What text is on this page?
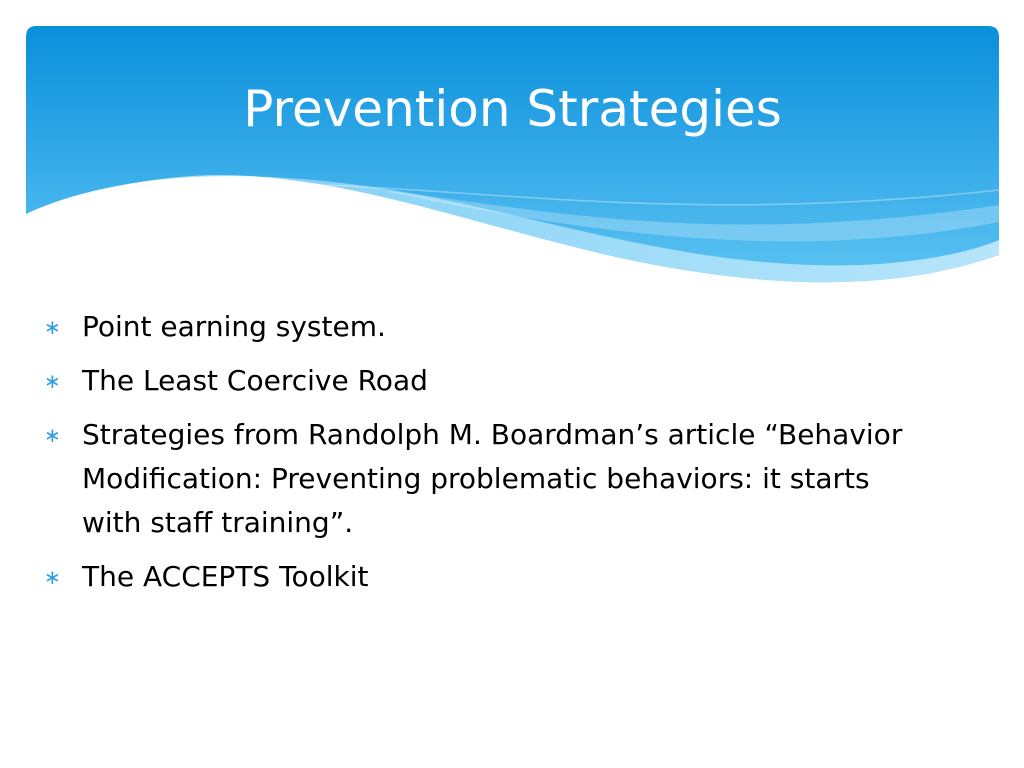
Prevention Strategies
∗ Point earning system.
∗ The Least Coercive Road
∗ Strategies from Randolph M. Boardman’s article “Behavior Modification: Preventing problematic behaviors: it starts with staff training”.
∗ The ACCEPTS Toolkit
